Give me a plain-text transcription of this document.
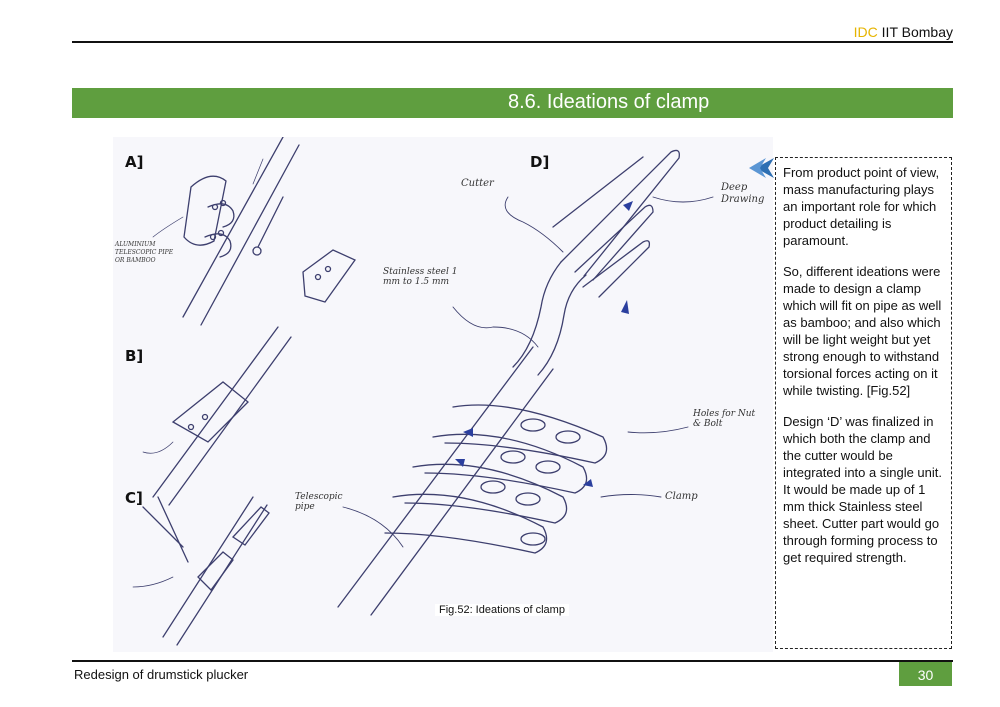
IDC IIT Bombay
8.6. Ideations of clamp
A]
B]
C]
D]
Cutter	Deep Drawing
Stainless steel 1 mm to 1.5 mm
Holes for Nut & Bolt
Clamp
Telescopic pipe
ALUMINIUM TELESCOPIC PIPE OR BAMBOO
Fig.52: Ideations of clamp

From product point of view, mass manufacturing plays an important role for which product detailing is paramount.

So, different ideations were made to design a clamp which will fit on pipe as well as bamboo; and also which will be light weight but yet strong enough to withstand torsional forces acting on it while twisting. [Fig.52]

Design ‘D’ was finalized in which both the clamp and the cutter would be integrated into a single unit. It would be made up of 1 mm thick Stainless steel sheet. Cutter part would go through forming process to get required strength.

Redesign of drumstick plucker	30
